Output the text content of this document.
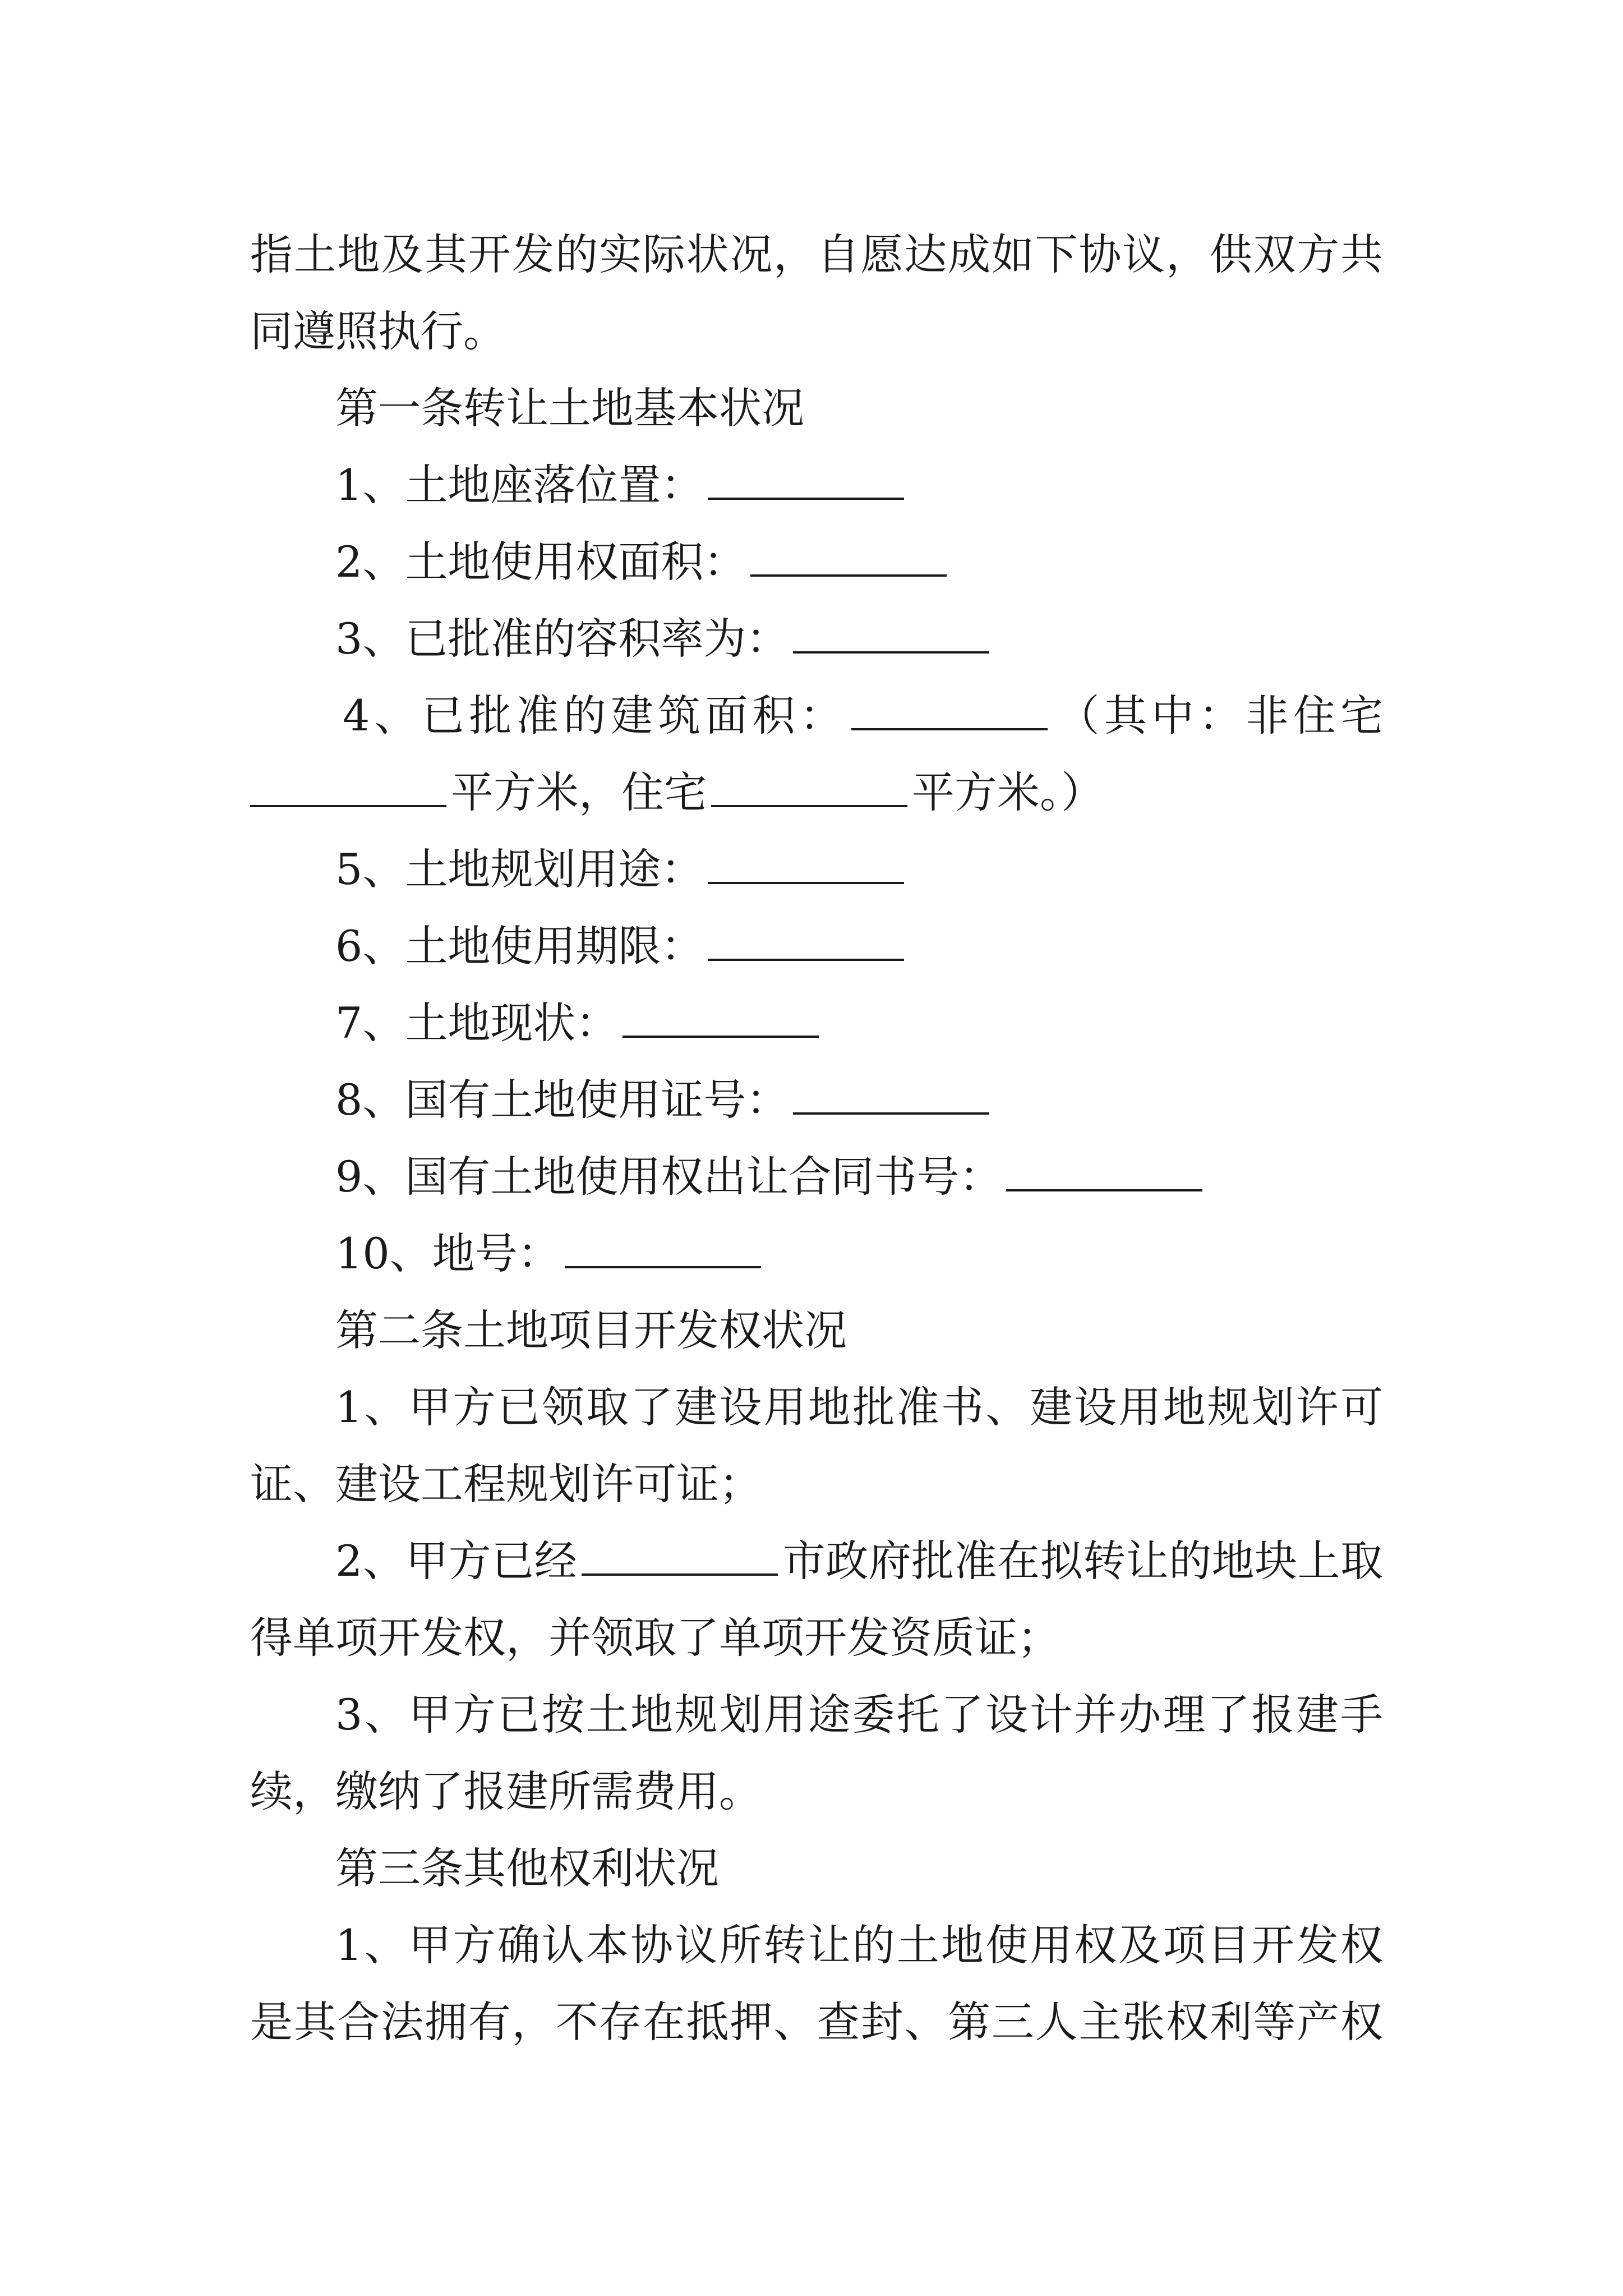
指土地及其开发的实际状况，自愿达成如下协议，供双方共
同遵照执行。
第一条转让土地基本状况
1、土地座落位置：
2、土地使用权面积：
3、已批准的容积率为：
4、已批准的建筑面积：	（其中：非住宅
平方米，住宅	平方米。）
5、土地规划用途：
6、土地使用期限：
7、土地现状：
8、国有土地使用证号：
9、国有土地使用权出让合同书号：
10、地号：
第二条土地项目开发权状况
1、甲方已领取了建设用地批准书、建设用地规划许可
证、建设工程规划许可证；
2、甲方已经	市政府批准在拟转让的地块上取
得单项开发权，并领取了单项开发资质证；
3、甲方已按土地规划用途委托了设计并办理了报建手
续，缴纳了报建所需费用。
第三条其他权利状况
1、甲方确认本协议所转让的土地使用权及项目开发权
是其合法拥有，不存在抵押、查封、第三人主张权利等产权
